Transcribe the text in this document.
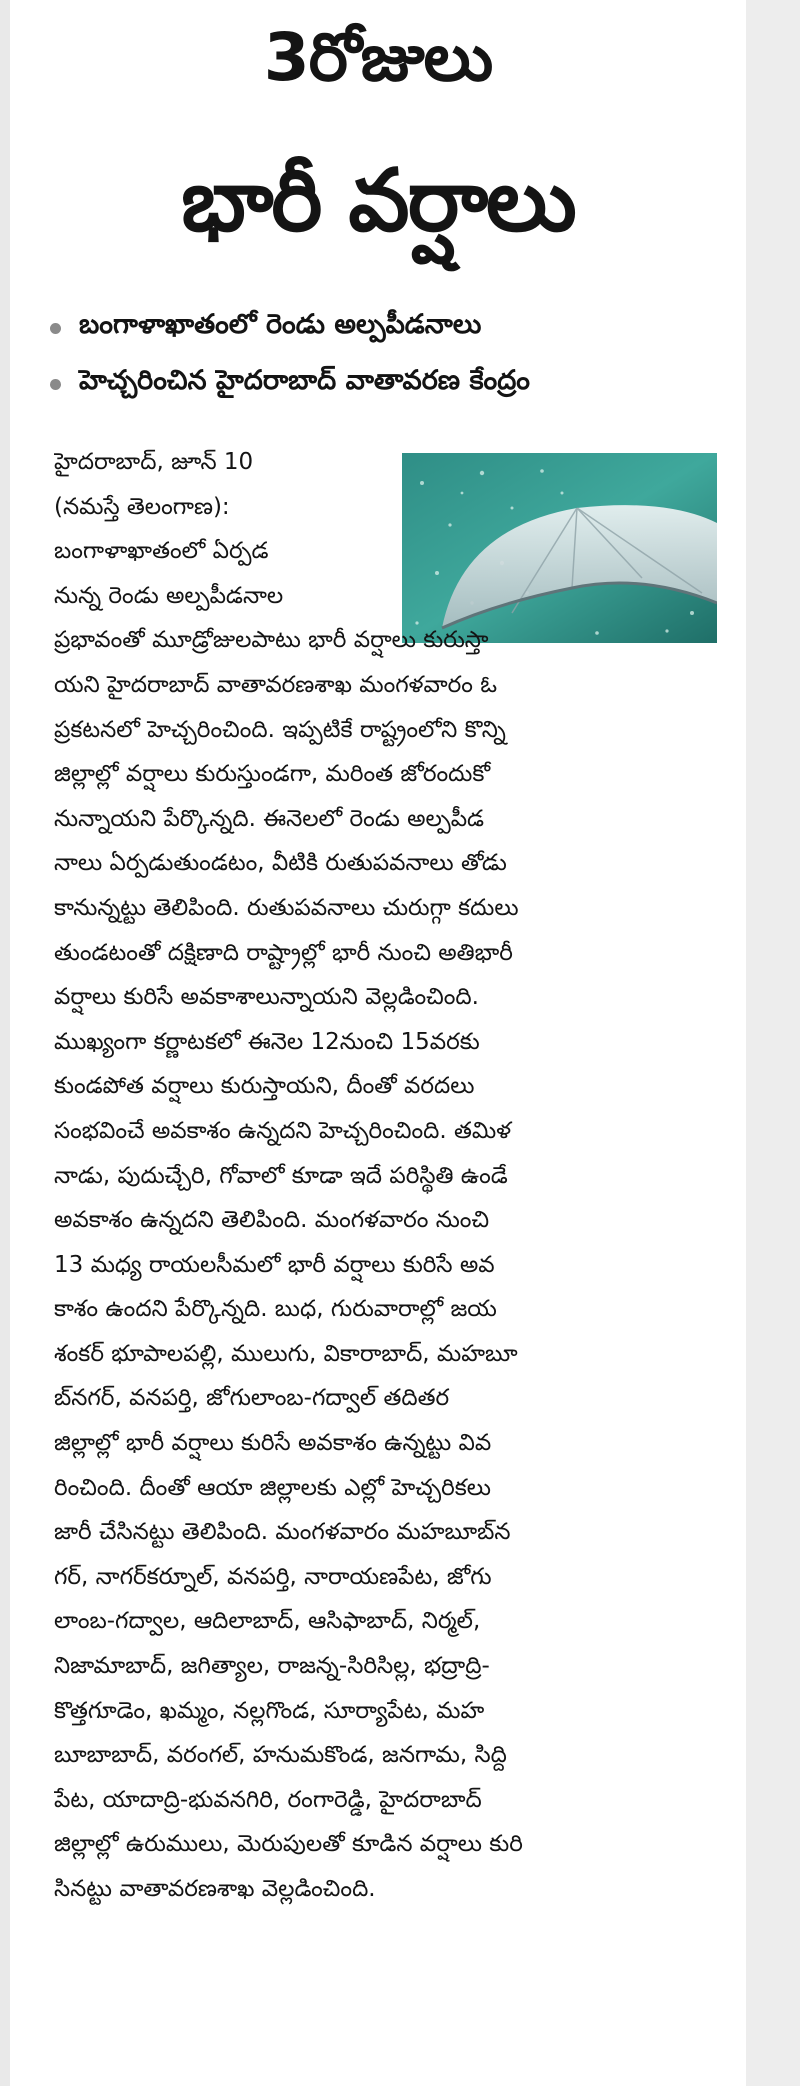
3రోజులు
భారీ వర్షాలు
బంగాళాఖాతంలో రెండు అల్పపీడనాలు
హెచ్చరించిన హైదరాబాద్ వాతావరణ కేంద్రం
హైదరాబాద్, జూన్ 10
(నమస్తే తెలంగాణ):
బంగాళాఖాతంలో ఏర్పడ
నున్న రెండు అల్పపీడనాల
ప్రభావంతో మూడ్రోజులపాటు భారీ వర్షాలు కురుస్తా
యని హైదరాబాద్ వాతావరణశాఖ మంగళవారం ఓ
ప్రకటనలో హెచ్చరించింది. ఇప్పటికే రాష్ట్రంలోని కొన్ని
జిల్లాల్లో వర్షాలు కురుస్తుండగా, మరింత జోరందుకో
నున్నాయని పేర్కొన్నది. ఈనెలలో రెండు అల్పపీడ
నాలు ఏర్పడుతుండటం, వీటికి రుతుపవనాలు తోడు
కానున్నట్టు తెలిపింది. రుతుపవనాలు చురుగ్గా కదులు
తుండటంతో దక్షిణాది రాష్ట్రాల్లో భారీ నుంచి అతిభారీ
వర్షాలు కురిసే అవకాశాలున్నాయని వెల్లడించింది.
ముఖ్యంగా కర్ణాటకలో ఈనెల 12నుంచి 15వరకు
కుండపోత వర్షాలు కురుస్తాయని, దీంతో వరదలు
సంభవించే అవకాశం ఉన్నదని హెచ్చరించింది. తమిళ
నాడు, పుదుచ్చేరి, గోవాలో కూడా ఇదే పరిస్థితి ఉండే
అవకాశం ఉన్నదని తెలిపింది. మంగళవారం నుంచి
13 మధ్య రాయలసీమలో భారీ వర్షాలు కురిసే అవ
కాశం ఉందని పేర్కొన్నది. బుధ, గురువారాల్లో జయ
శంకర్ భూపాలపల్లి, ములుగు, వికారాబాద్, మహబూ
బ్‌నగర్, వనపర్తి, జోగులాంబ-గద్వాల్ తదితర
జిల్లాల్లో భారీ వర్షాలు కురిసే అవకాశం ఉన్నట్టు వివ
రించింది. దీంతో ఆయా జిల్లాలకు ఎల్లో హెచ్చరికలు
జారీ చేసినట్టు తెలిపింది. మంగళవారం మహబూబ్‌న
గర్, నాగర్‌కర్నూల్, వనపర్తి, నారాయణపేట, జోగు
లాంబ-గద్వాల, ఆదిలాబాద్, ఆసిఫాబాద్, నిర్మల్,
నిజామాబాద్, జగిత్యాల, రాజన్న-సిరిసిల్ల, భద్రాద్రి-
కొత్తగూడెం, ఖమ్మం, నల్లగొండ, సూర్యాపేట, మహ
బూబాబాద్, వరంగల్, హనుమకొండ, జనగామ, సిద్ది
పేట, యాదాద్రి-భువనగిరి, రంగారెడ్డి, హైదరాబాద్
జిల్లాల్లో ఉరుములు, మెరుపులతో కూడిన వర్షాలు కురి
సినట్టు వాతావరణశాఖ వెల్లడించింది.
